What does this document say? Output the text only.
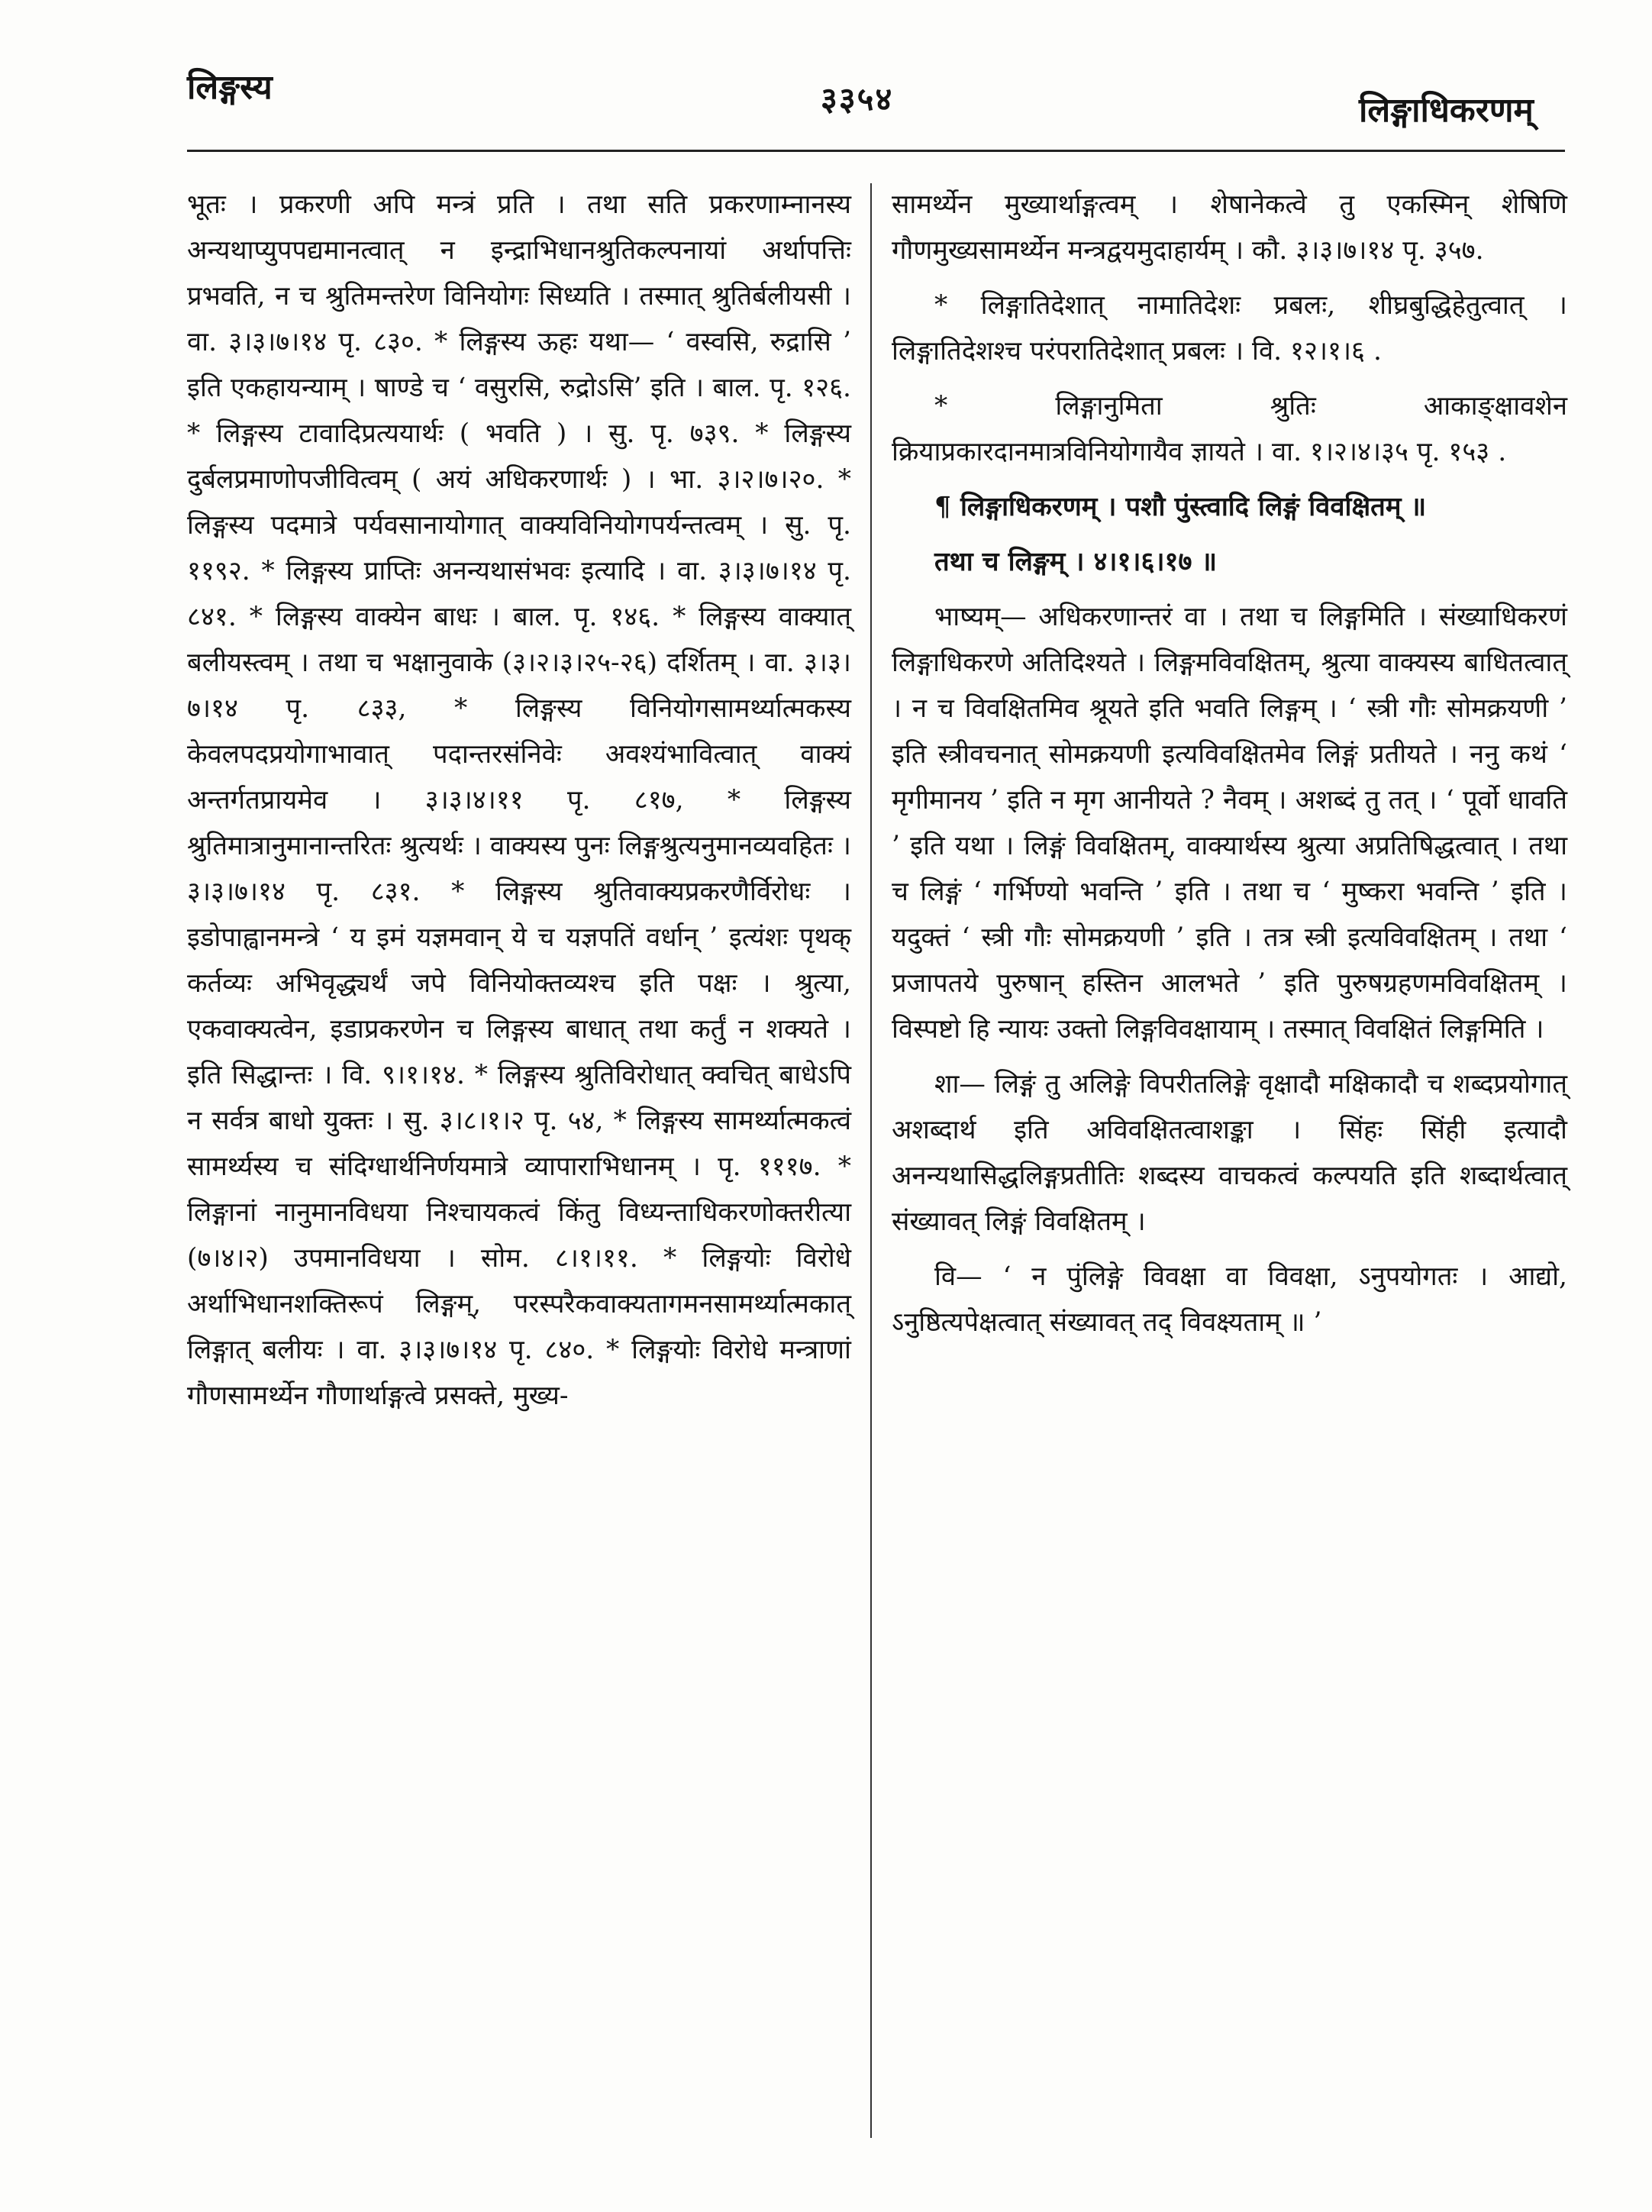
लिङ्गस्य	३३५४	लिङ्गाधिकरणम्

भूतः । प्रकरणी अपि मन्त्रं प्रति । तथा सति प्रकरणाम्नानस्य अन्यथाप्युपपद्यमानत्वात् न इन्द्राभिधानश्रुतिकल्पनायां अर्थापत्तिः प्रभवति, न च श्रुतिमन्तरेण विनियोगः सिध्यति । तस्मात् श्रुतिर्बलीयसी । वा. ३।३।७।१४ पृ. ८३०. * लिङ्गस्य ऊहः यथा— ‘ वस्वसि, रुद्रासि ’ इति एकहायन्याम् । षाण्डे च ‘ वसुरसि, रुद्रोऽसि’ इति । बाल. पृ. १२६. * लिङ्गस्य टावादिप्रत्ययार्थः ( भवति ) । सु. पृ. ७३९. * लिङ्गस्य दुर्बलप्रमाणोपजीवित्वम् ( अयं अधिकरणार्थः ) । भा. ३।२।७।२०. * लिङ्गस्य पदमात्रे पर्यवसानायोगात् वाक्यविनियोगपर्यन्तत्वम् । सु. पृ. ११९२. * लिङ्गस्य प्राप्तिः अनन्यथासंभवः इत्यादि । वा. ३।३।७।१४ पृ. ८४१. * लिङ्गस्य वाक्येन बाधः । बाल. पृ. १४६. * लिङ्गस्य वाक्यात् बलीयस्त्वम् । तथा च भक्षानुवाके (३।२।३।२५-२६) दर्शितम् । वा. ३।३।७।१४ पृ. ८३३, * लिङ्गस्य विनियोगसामर्थ्यात्मकस्य केवलपदप्रयोगाभावात् पदान्तरसंनिवेः अवश्यंभावित्वात् वाक्यं अन्तर्गतप्रायमेव । ३।३।४।११ पृ. ८१७, * लिङ्गस्य श्रुतिमात्रानुमानान्तरितः श्रुत्यर्थः । वाक्यस्य पुनः लिङ्गश्रुत्यनुमानव्यवहितः । ३।३।७।१४ पृ. ८३१. * लिङ्गस्य श्रुतिवाक्यप्रकरणैर्विरोधः । इडोपाह्वानमन्त्रे ‘ य इमं यज्ञमवान् ये च यज्ञपतिं वर्धान् ’ इत्यंशः पृथक् कर्तव्यः अभिवृद्ध्यर्थं जपे विनियोक्तव्यश्च इति पक्षः । श्रुत्या, एकवाक्यत्वेन, इडाप्रकरणेन च लिङ्गस्य बाधात् तथा कर्तुं न शक्यते । इति सिद्धान्तः । वि. ९।१।१४. * लिङ्गस्य श्रुतिविरोधात् क्वचित् बाधेऽपि न सर्वत्र बाधो युक्तः । सु. ३।८।१।२ पृ. ५४, * लिङ्गस्य सामर्थ्यात्मकत्वं सामर्थ्यस्य च संदिग्धार्थनिर्णयमात्रे व्यापाराभिधानम् । पृ. १११७. * लिङ्गानां नानुमानविधया निश्चायकत्वं किंतु विध्यन्ताधिकरणोक्तरीत्या (७।४।२) उपमानविधया । सोम. ८।१।११. * लिङ्गयोः विरोधे अर्थाभिधानशक्तिरूपं लिङ्गम्, परस्परैकवाक्यतागमनसामर्थ्यात्मकात् लिङ्गात् बलीयः । वा. ३।३।७।१४ पृ. ८४०. * लिङ्गयोः विरोधे मन्त्राणां गौणसामर्थ्येन गौणार्थाङ्गत्वे प्रसक्ते, मुख्य-

सामर्थ्येन मुख्यार्थाङ्गत्वम् । शेषानेकत्वे तु एकस्मिन् शेषिणि गौणमुख्यसामर्थ्येन मन्त्रद्वयमुदाहार्यम् । कौ. ३।३।७।१४ पृ. ३५७.

* लिङ्गातिदेशात् नामातिदेशः प्रबलः, शीघ्रबुद्धिहेतुत्वात् । लिङ्गातिदेशश्च परंपरातिदेशात् प्रबलः । वि. १२।१।६ .

* लिङ्गानुमिता श्रुतिः आकाङ्क्षावशेन क्रियाप्रकारदानमात्रविनियोगायैव ज्ञायते । वा. १।२।४।३५ पृ. १५३ .

¶ लिङ्गाधिकरणम् । पशौ पुंस्त्वादि लिङ्गं विवक्षितम् ॥

तथा च लिङ्गम् । ४।१।६।१७ ॥

भाष्यम्— अधिकरणान्तरं वा । तथा च लिङ्गमिति । संख्याधिकरणं लिङ्गाधिकरणे अतिदिश्यते । लिङ्गमविवक्षितम्, श्रुत्या वाक्यस्य बाधितत्वात् । न च विवक्षितमिव श्रूयते इति भवति लिङ्गम् । ‘ स्त्री गौः सोमक्रयणी ’ इति स्त्रीवचनात् सोमक्रयणी इत्यविवक्षितमेव लिङ्गं प्रतीयते । ननु कथं ‘ मृगीमानय ’ इति न मृग आनीयते ? नैवम् । अशब्दं तु तत् । ‘ पूर्वो धावति ’ इति यथा । लिङ्गं विवक्षितम्, वाक्यार्थस्य श्रुत्या अप्रतिषिद्धत्वात् । तथा च लिङ्गं ‘ गर्भिण्यो भवन्ति ’ इति । तथा च ‘ मुष्करा भवन्ति ’ इति । यदुक्तं ‘ स्त्री गौः सोमक्रयणी ’ इति । तत्र स्त्री इत्यविवक्षितम् । तथा ‘ प्रजापतये पुरुषान् हस्तिन आलभते ’ इति पुरुषग्रहणमविवक्षितम् । विस्पष्टो हि न्यायः उक्तो लिङ्गविवक्षायाम् । तस्मात् विवक्षितं लिङ्गमिति ।

शा— लिङ्गं तु अलिङ्गे विपरीतलिङ्गे वृक्षादौ मक्षिकादौ च शब्दप्रयोगात् अशब्दार्थ इति अविवक्षितत्वाशङ्का । सिंहः सिंही इत्यादौ अनन्यथासिद्धलिङ्गप्रतीतिः शब्दस्य वाचकत्वं कल्पयति इति शब्दार्थत्वात् संख्यावत् लिङ्गं विवक्षितम् ।

वि— ‘ न पुंलिङ्गे विवक्षा वा विवक्षा, ऽनुपयोगतः । आद्यो, ऽनुष्ठित्यपेक्षत्वात् संख्यावत् तद् विवक्ष्यताम् ॥ ’
